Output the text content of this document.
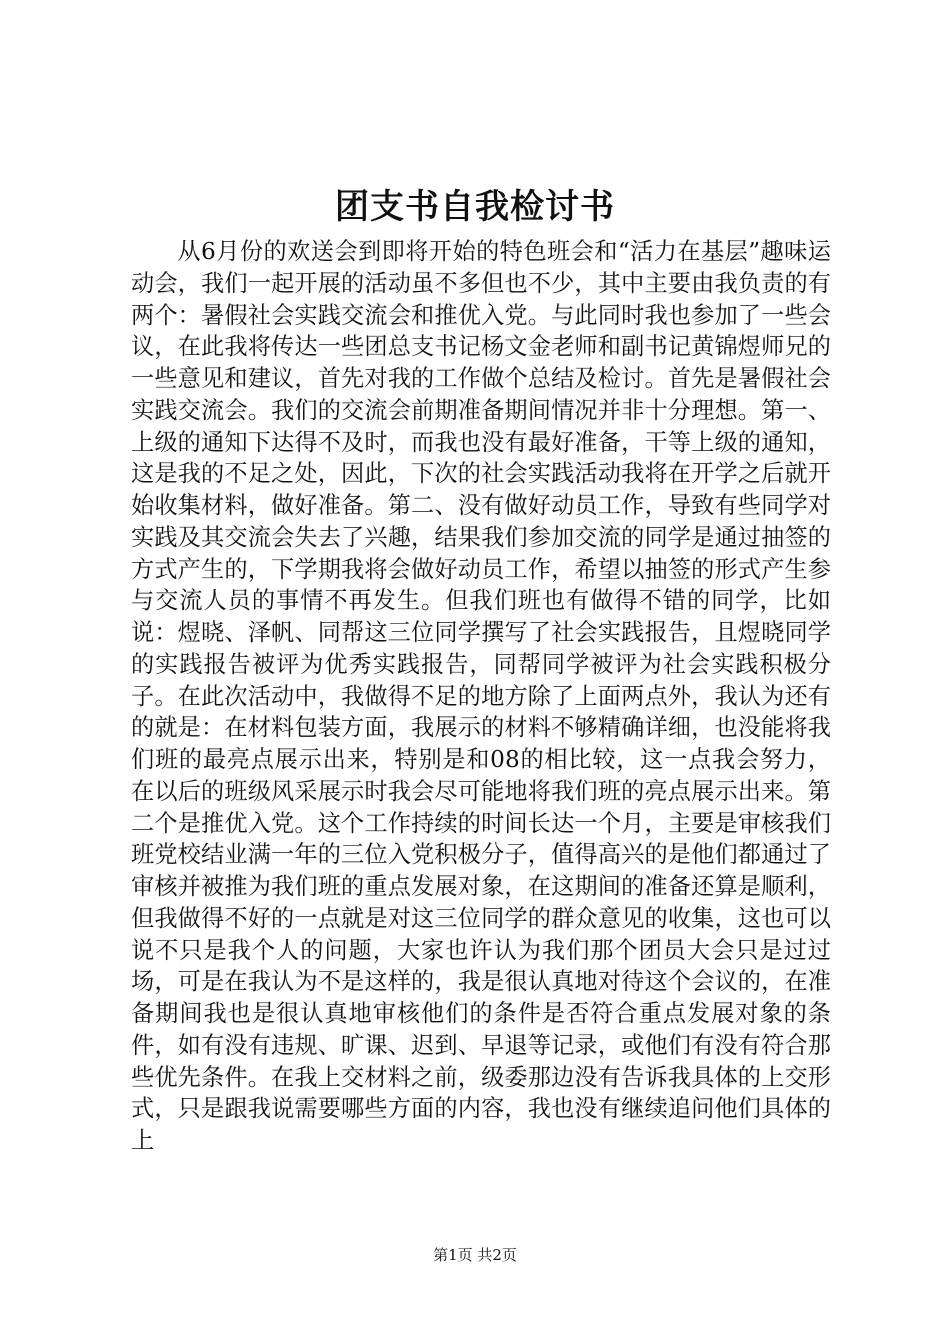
团支书自我检讨书

从6月份的欢送会到即将开始的特色班会和“活力在基层”趣味运动会，我们一起开展的活动虽不多但也不少，其中主要由我负责的有两个：暑假社会实践交流会和推优入党。与此同时我也参加了一些会议，在此我将传达一些团总支书记杨文金老师和副书记黄锦煜师兄的一些意见和建议，首先对我的工作做个总结及检讨。首先是暑假社会实践交流会。我们的交流会前期准备期间情况并非十分理想。第一、上级的通知下达得不及时，而我也没有最好准备，干等上级的通知，这是我的不足之处，因此，下次的社会实践活动我将在开学之后就开始收集材料，做好准备。第二、没有做好动员工作，导致有些同学对实践及其交流会失去了兴趣，结果我们参加交流的同学是通过抽签的方式产生的，下学期我将会做好动员工作，希望以抽签的形式产生参与交流人员的事情不再发生。但我们班也有做得不错的同学，比如说：煜晓、泽帆、同帮这三位同学撰写了社会实践报告，且煜晓同学的实践报告被评为优秀实践报告，同帮同学被评为社会实践积极分子。在此次活动中，我做得不足的地方除了上面两点外，我认为还有的就是：在材料包装方面，我展示的材料不够精确详细，也没能将我们班的最亮点展示出来，特别是和08的相比较，这一点我会努力，在以后的班级风采展示时我会尽可能地将我们班的亮点展示出来。第二个是推优入党。这个工作持续的时间长达一个月，主要是审核我们班党校结业满一年的三位入党积极分子，值得高兴的是他们都通过了审核并被推为我们班的重点发展对象，在这期间的准备还算是顺利，但我做得不好的一点就是对这三位同学的群众意见的收集，这也可以说不只是我个人的问题，大家也许认为我们那个团员大会只是过过场，可是在我认为不是这样的，我是很认真地对待这个会议的，在准备期间我也是很认真地审核他们的条件是否符合重点发展对象的条件，如有没有违规、旷课、迟到、早退等记录，或他们有没有符合那些优先条件。在我上交材料之前，级委那边没有告诉我具体的上交形式，只是跟我说需要哪些方面的内容，我也没有继续追问他们具体的上

第1页 共2页
